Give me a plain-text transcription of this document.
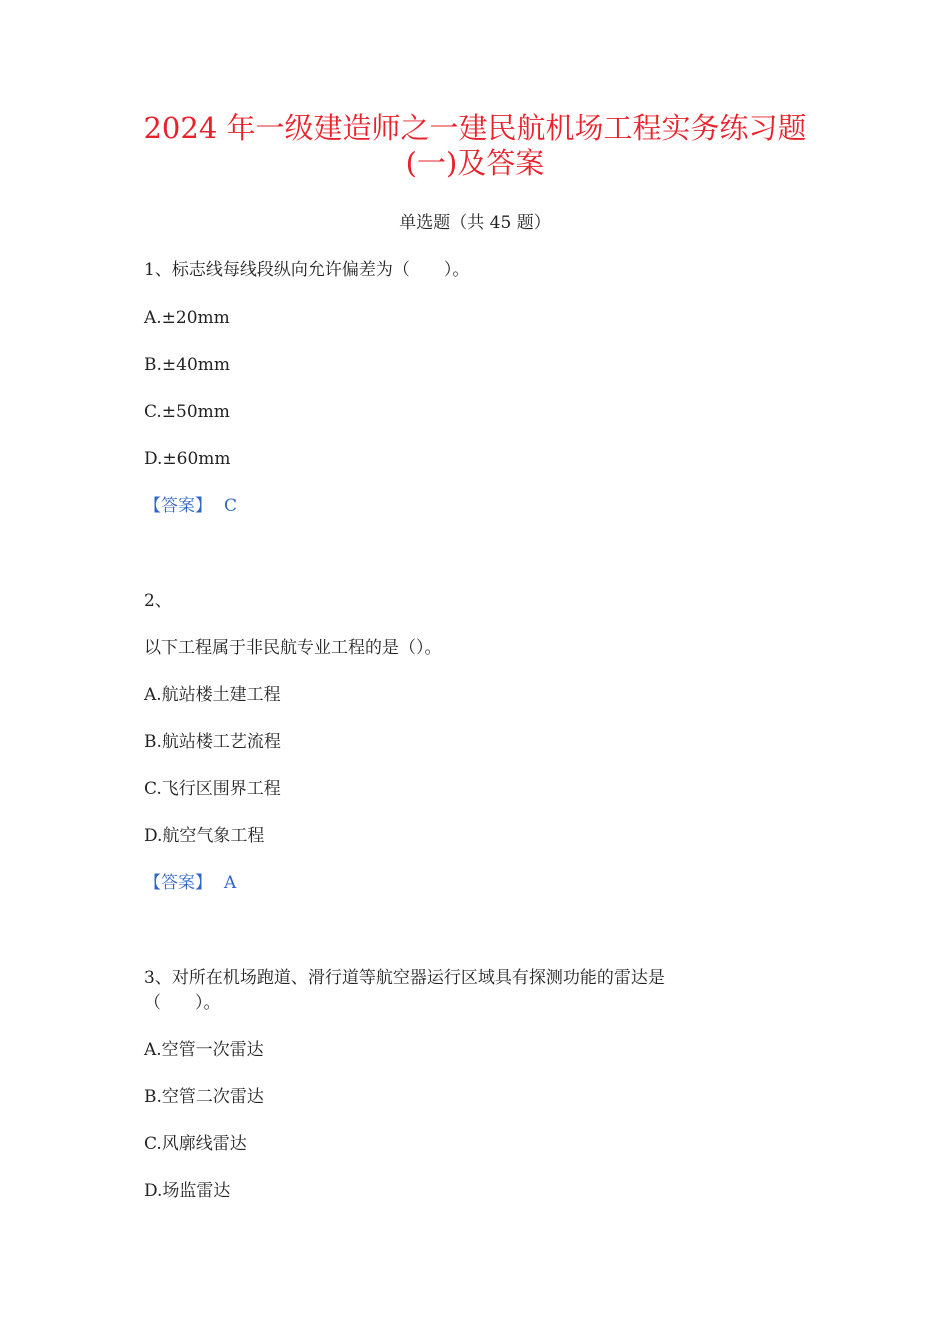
2024 年一级建造师之一建民航机场工程实务练习题
(一)及答案
单选题（共 45 题）
1、标志线每线段纵向允许偏差为（　　）。
A.±20mm
B.±40mm
C.±50mm
D.±60mm
【答案】 C
2、
以下工程属于非民航专业工程的是（）。
A.航站楼土建工程
B.航站楼工艺流程
C.飞行区围界工程
D.航空气象工程
【答案】 A
3、对所在机场跑道、滑行道等航空器运行区域具有探测功能的雷达是
（　　）。
A.空管一次雷达
B.空管二次雷达
C.风廓线雷达
D.场监雷达
